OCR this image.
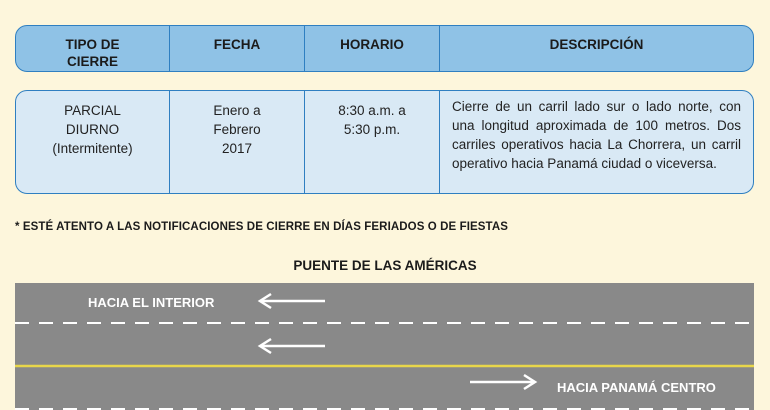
TIPO DE
CIERRE
FECHA	HORARIO	DESCRIPCIÓN
PARCIAL
DIURNO
(Intermitente)
Enero a
Febrero
2017
8:30 a.m. a
5:30 p.m.
Cierre de un carril lado sur o lado norte, con una longitud aproximada de 100 metros. Dos carriles operativos hacia La Chorrera, un carril operativo hacia Panamá ciudad o viceversa.
* ESTÉ ATENTO A LAS NOTIFICACIONES DE CIERRE EN DÍAS FERIADOS O DE FIESTAS
PUENTE DE LAS AMÉRICAS
HACIA EL INTERIOR
HACIA PANAMÁ CENTRO
